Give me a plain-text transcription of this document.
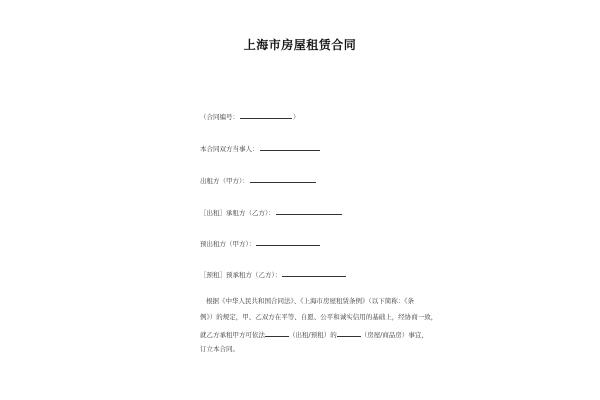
上海市房屋租赁合同
（合同编号：	）
本合同双方当事人：
出租方（甲方）：
［出租］承租方（乙方）：
预出租方（甲方）：
［预租］预承租方（乙方）：
根据《中华人民共和国合同法》、《上海市房屋租赁条例》（以下简称：《条
例》）的规定，甲、乙双方在平等、自愿、公平和诚实信用的基础上，经协商一致，
就乙方承租甲方可依法	（出租/预租）的	（房屋/商品房）事宜，
订立本合同。
